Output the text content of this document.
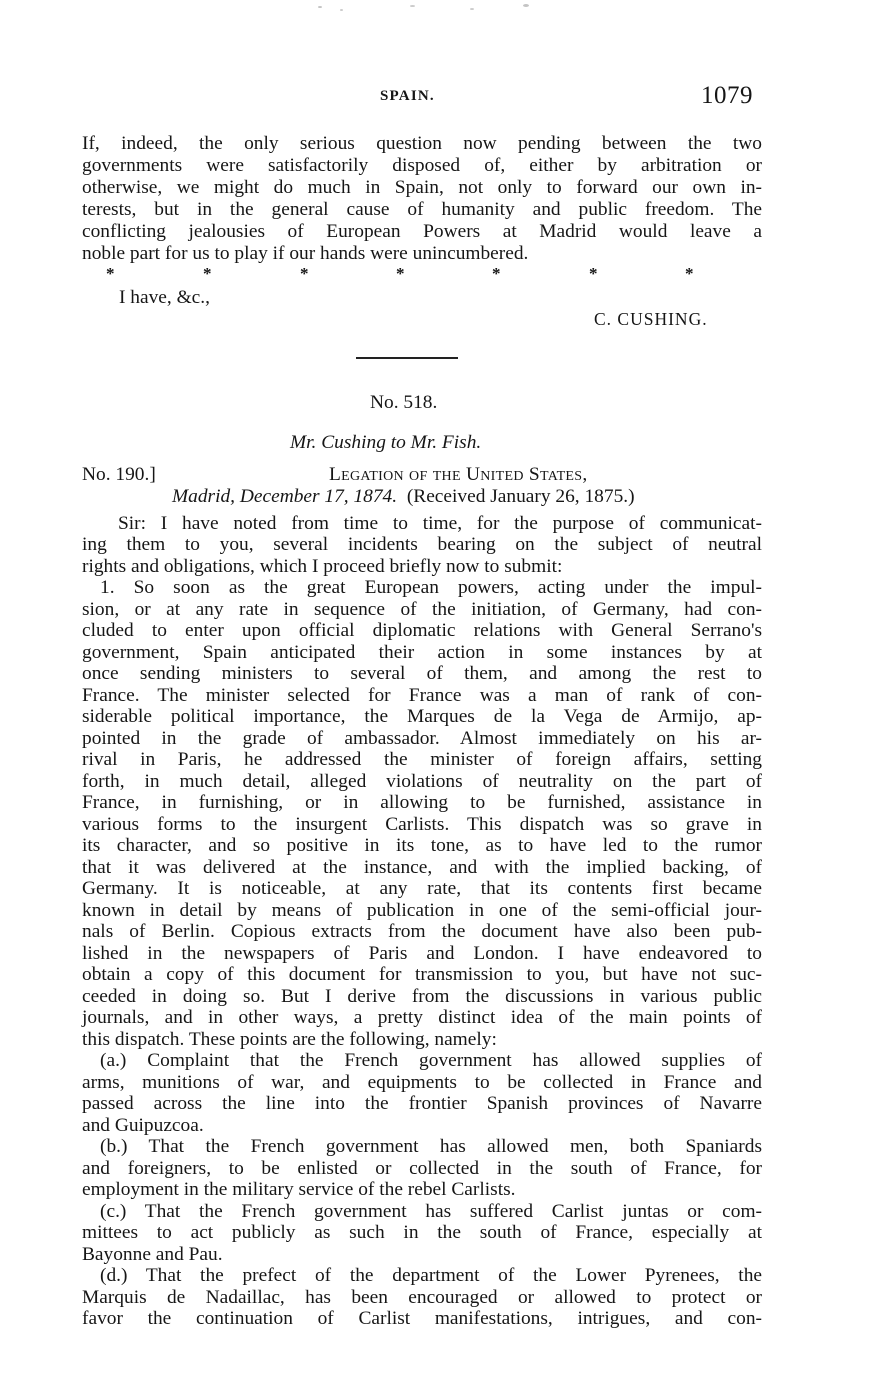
SPAIN.	1079
If, indeed, the only serious question now pending between the two
governments were satisfactorily disposed of, either by arbitration or
otherwise, we might do much in Spain, not only to forward our own in-
terests, but in the general cause of humanity and public freedom. The
conflicting jealousies of European Powers at Madrid would leave a
noble part for us to play if our hands were unincumbered.
*	*	*	*	*	*	*
I have, &c.,
C. CUSHING.
No. 518.
Mr. Cushing to Mr. Fish.
No. 190.]	Legation of the United States,
Madrid, December 17, 1874. (Received January 26, 1875.)
Sir: I have noted from time to time, for the purpose of communicat-
ing them to you, several incidents bearing on the subject of neutral
rights and obligations, which I proceed briefly now to submit:
1. So soon as the great European powers, acting under the impul-
sion, or at any rate in sequence of the initiation, of Germany, had con-
cluded to enter upon official diplomatic relations with General Serrano's
government, Spain anticipated their action in some instances by at
once sending ministers to several of them, and among the rest to
France. The minister selected for France was a man of rank of con-
siderable political importance, the Marques de la Vega de Armijo, ap-
pointed in the grade of ambassador. Almost immediately on his ar-
rival in Paris, he addressed the minister of foreign affairs, setting
forth, in much detail, alleged violations of neutrality on the part of
France, in furnishing, or in allowing to be furnished, assistance in
various forms to the insurgent Carlists. This dispatch was so grave in
its character, and so positive in its tone, as to have led to the rumor
that it was delivered at the instance, and with the implied backing, of
Germany. It is noticeable, at any rate, that its contents first became
known in detail by means of publication in one of the semi-official jour-
nals of Berlin. Copious extracts from the document have also been pub-
lished in the newspapers of Paris and London. I have endeavored to
obtain a copy of this document for transmission to you, but have not suc-
ceeded in doing so. But I derive from the discussions in various public
journals, and in other ways, a pretty distinct idea of the main points of
this dispatch. These points are the following, namely:
(a.) Complaint that the French government has allowed supplies of
arms, munitions of war, and equipments to be collected in France and
passed across the line into the frontier Spanish provinces of Navarre
and Guipuzcoa.
(b.) That the French government has allowed men, both Spaniards
and foreigners, to be enlisted or collected in the south of France, for
employment in the military service of the rebel Carlists.
(c.) That the French government has suffered Carlist juntas or com-
mittees to act publicly as such in the south of France, especially at
Bayonne and Pau.
(d.) That the prefect of the department of the Lower Pyrenees, the
Marquis de Nadaillac, has been encouraged or allowed to protect or
favor the continuation of Carlist manifestations, intrigues, and con-
